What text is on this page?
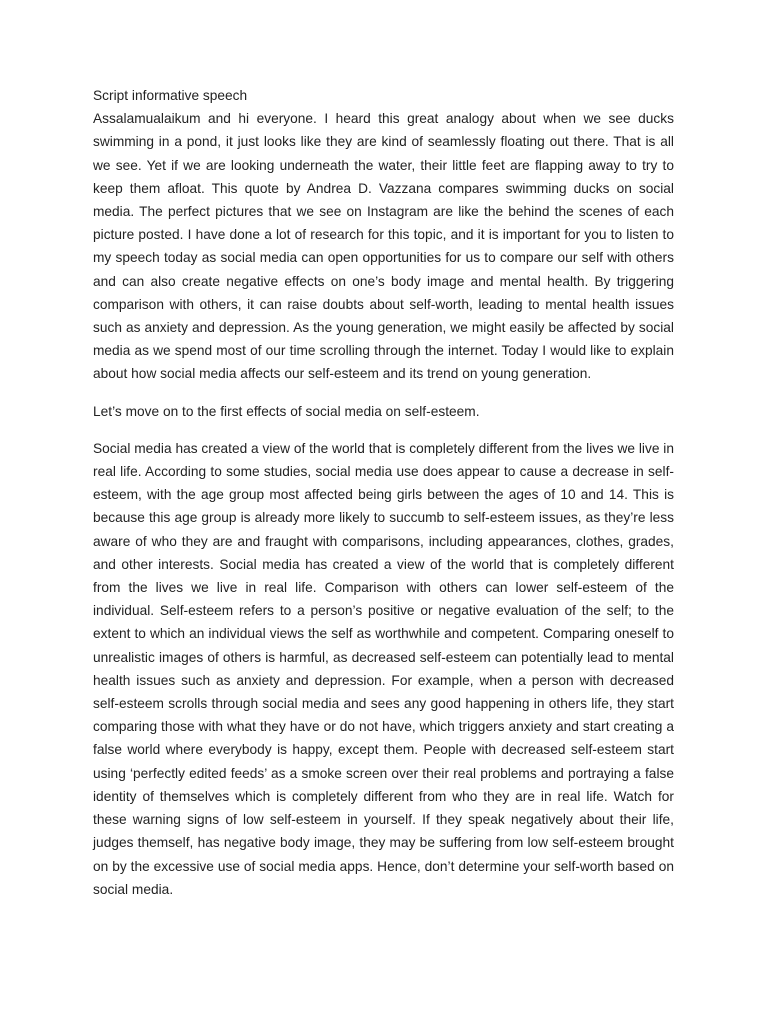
Script informative speech

Assalamualaikum and hi everyone. I heard this great analogy about when we see ducks swimming in a pond, it just looks like they are kind of seamlessly floating out there. That is all we see. Yet if we are looking underneath the water, their little feet are flapping away to try to keep them afloat. This quote by Andrea D. Vazzana compares swimming ducks on social media. The perfect pictures that we see on Instagram are like the behind the scenes of each picture posted. I have done a lot of research for this topic, and it is important for you to listen to my speech today as social media can open opportunities for us to compare our self with others and can also create negative effects on one’s body image and mental health. By triggering comparison with others, it can raise doubts about self-worth, leading to mental health issues such as anxiety and depression. As the young generation, we might easily be affected by social media as we spend most of our time scrolling through the internet. Today I would like to explain about how social media affects our self-esteem and its trend on young generation.

Let’s move on to the first effects of social media on self-esteem.

Social media has created a view of the world that is completely different from the lives we live in real life. According to some studies, social media use does appear to cause a decrease in self-esteem, with the age group most affected being girls between the ages of 10 and 14. This is because this age group is already more likely to succumb to self-esteem issues, as they’re less aware of who they are and fraught with comparisons, including appearances, clothes, grades, and other interests. Social media has created a view of the world that is completely different from the lives we live in real life. Comparison with others can lower self-esteem of the individual. Self-esteem refers to a person’s positive or negative evaluation of the self; to the extent to which an individual views the self as worthwhile and competent. Comparing oneself to unrealistic images of others is harmful, as decreased self-esteem can potentially lead to mental health issues such as anxiety and depression. For example, when a person with decreased self-esteem scrolls through social media and sees any good happening in others life, they start comparing those with what they have or do not have, which triggers anxiety and start creating a false world where everybody is happy, except them. People with decreased self-esteem start using ‘perfectly edited feeds’ as a smoke screen over their real problems and portraying a false identity of themselves which is completely different from who they are in real life. Watch for these warning signs of low self-esteem in yourself. If they speak negatively about their life, judges themself, has negative body image, they may be suffering from low self-esteem brought on by the excessive use of social media apps. Hence, don’t determine your self-worth based on social media.
